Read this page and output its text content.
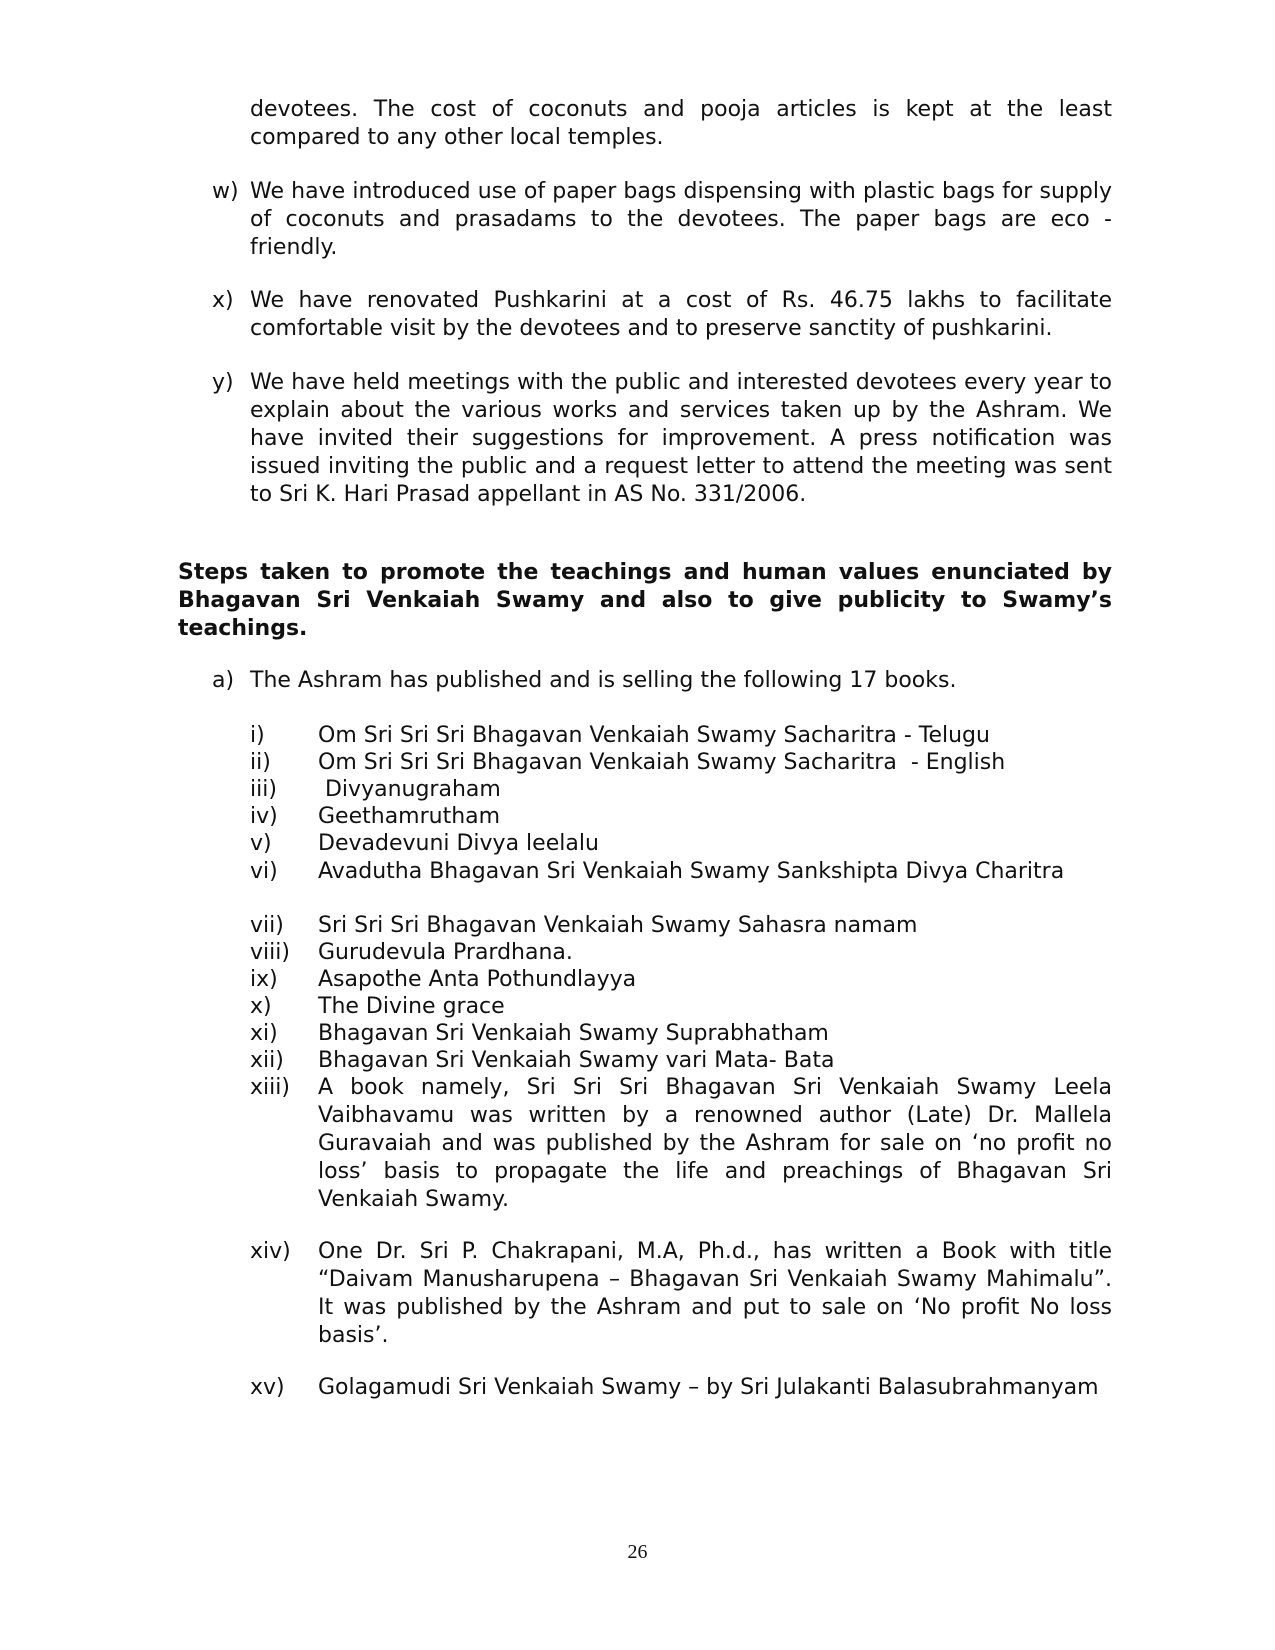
devotees. The cost of coconuts and pooja articles is kept at the least compared to any other local temples.

w) We have introduced use of paper bags dispensing with plastic bags for supply of coconuts and prasadams to the devotees. The paper bags are eco - friendly.
x) We have renovated Pushkarini at a cost of Rs. 46.75 lakhs to facilitate comfortable visit by the devotees and to preserve sanctity of pushkarini.
y) We have held meetings with the public and interested devotees every year to explain about the various works and services taken up by the Ashram. We have invited their suggestions for improvement. A press notification was issued inviting the public and a request letter to attend the meeting was sent to Sri K. Hari Prasad appellant in AS No. 331/2006.

Steps taken to promote the teachings and human values enunciated by Bhagavan Sri Venkaiah Swamy and also to give publicity to Swamy’s teachings.

a) The Ashram has published and is selling the following 17 books.
i)	Om Sri Sri Sri Bhagavan Venkaiah Swamy Sacharitra - Telugu
ii)	Om Sri Sri Sri Bhagavan Venkaiah Swamy Sacharitra  - English
iii)	Divyanugraham
iv)	Geethamrutham
v)	Devadevuni Divya leelalu
vi)	Avadutha Bhagavan Sri Venkaiah Swamy Sankshipta Divya Charitra
vii)	Sri Sri Sri Bhagavan Venkaiah Swamy Sahasra namam
viii)	Gurudevula Prardhana.
ix)	Asapothe Anta Pothundlayya
x)	The Divine grace
xi)	Bhagavan Sri Venkaiah Swamy Suprabhatham
xii)	Bhagavan Sri Venkaiah Swamy vari Mata- Bata
xiii)	A book namely, Sri Sri Sri Bhagavan Sri Venkaiah Swamy Leela Vaibhavamu was written by a renowned author (Late) Dr. Mallela Guravaiah and was published by the Ashram for sale on ‘no profit no loss’ basis to propagate the life and preachings of Bhagavan Sri Venkaiah Swamy.
xiv)	One Dr. Sri P. Chakrapani, M.A, Ph.d., has written a Book with title “Daivam Manusharupena – Bhagavan Sri Venkaiah Swamy Mahimalu”. It was published by the Ashram and put to sale on ‘No profit No loss basis’.
xv)	Golagamudi Sri Venkaiah Swamy – by Sri Julakanti Balasubrahmanyam
26
